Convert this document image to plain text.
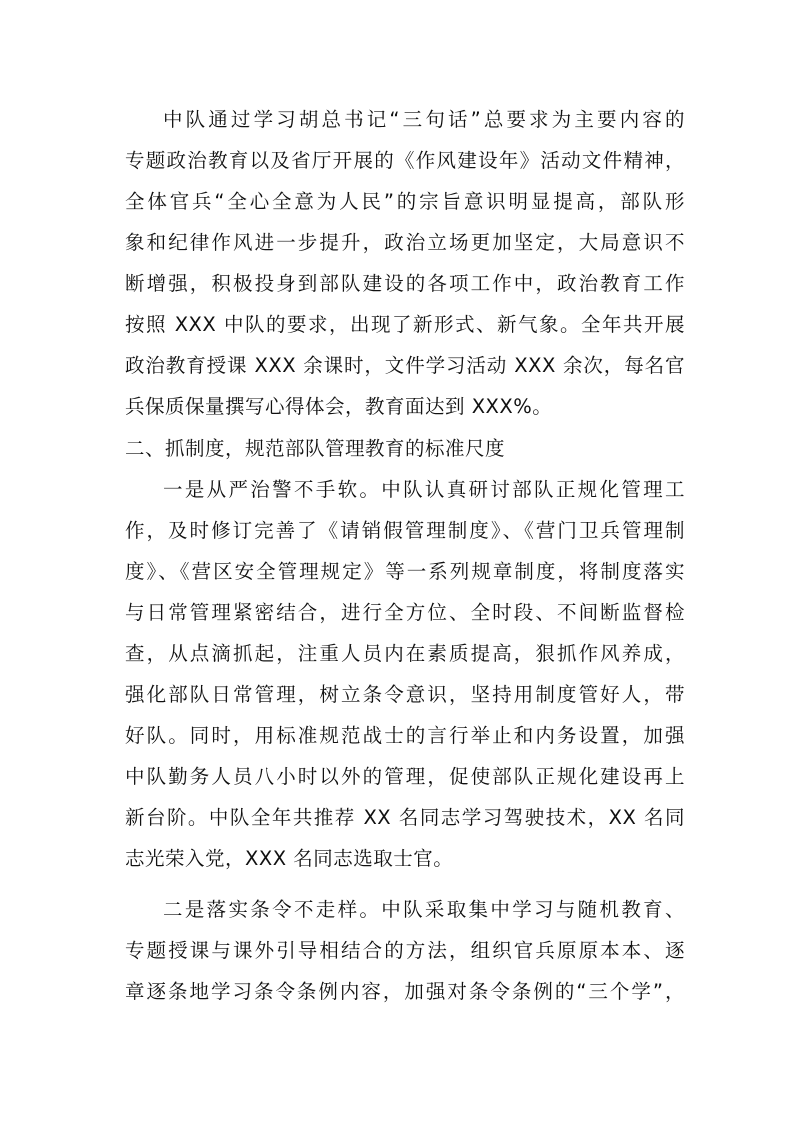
中队通过学习胡总书记“三句话”总要求为主要内容的
专题政治教育以及省厅开展的《作风建设年》活动文件精神，
全体官兵“全心全意为人民”的宗旨意识明显提高，部队形
象和纪律作风进一步提升，政治立场更加坚定，大局意识不
断增强，积极投身到部队建设的各项工作中，政治教育工作
按照 XXX 中队的要求，出现了新形式、新气象。全年共开展
政治教育授课 XXX 余课时，文件学习活动 XXX 余次，每名官
兵保质保量撰写心得体会，教育面达到 XXX%。
二、抓制度，规范部队管理教育的标准尺度
一是从严治警不手软。中队认真研讨部队正规化管理工
作，及时修订完善了《请销假管理制度》、《营门卫兵管理制
度》、《营区安全管理规定》等一系列规章制度，将制度落实
与日常管理紧密结合，进行全方位、全时段、不间断监督检
查，从点滴抓起，注重人员内在素质提高，狠抓作风养成，
强化部队日常管理，树立条令意识，坚持用制度管好人，带
好队。同时，用标准规范战士的言行举止和内务设置，加强
中队勤务人员八小时以外的管理，促使部队正规化建设再上
新台阶。中队全年共推荐 XX 名同志学习驾驶技术，XX 名同
志光荣入党，XXX 名同志选取士官。
二是落实条令不走样。中队采取集中学习与随机教育、
专题授课与课外引导相结合的方法，组织官兵原原本本、逐
章逐条地学习条令条例内容，加强对条令条例的“三个学”，
